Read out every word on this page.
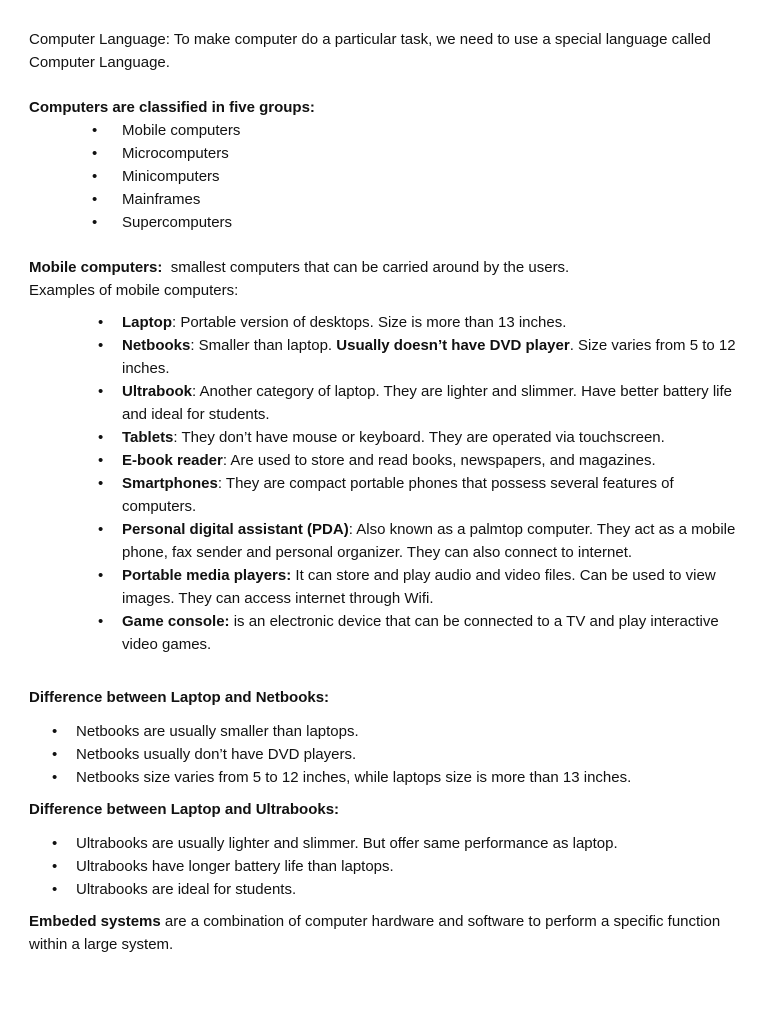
Computer Language: To make computer do a particular task, we need to use a special language called Computer Language.

Computers are classified in five groups:

• Mobile computers
• Microcomputers
• Minicomputers
• Mainframes
• Supercomputers

Mobile computers:  smallest computers that can be carried around by the users.

Examples of mobile computers:

• Laptop: Portable version of desktops. Size is more than 13 inches.
• Netbooks: Smaller than laptop. Usually doesn’t have DVD player. Size varies from 5 to 12 inches.
• Ultrabook: Another category of laptop. They are lighter and slimmer. Have better battery life and ideal for students.
• Tablets: They don’t have mouse or keyboard. They are operated via touchscreen.
• E-book reader: Are used to store and read books, newspapers, and magazines.
• Smartphones: They are compact portable phones that possess several features of computers.
• Personal digital assistant (PDA): Also known as a palmtop computer. They act as a mobile phone, fax sender and personal organizer. They can also connect to internet.
• Portable media players: It can store and play audio and video files. Can be used to view images. They can access internet through Wifi.
• Game console: is an electronic device that can be connected to a TV and play interactive video games.

Difference between Laptop and Netbooks:

• Netbooks are usually smaller than laptops.
• Netbooks usually don’t have DVD players.
• Netbooks size varies from 5 to 12 inches, while laptops size is more than 13 inches.

Difference between Laptop and Ultrabooks:

• Ultrabooks are usually lighter and slimmer. But offer same performance as laptop.
• Ultrabooks have longer battery life than laptops.
• Ultrabooks are ideal for students.

Embeded systems are a combination of computer hardware and software to perform a specific function within a large system.
